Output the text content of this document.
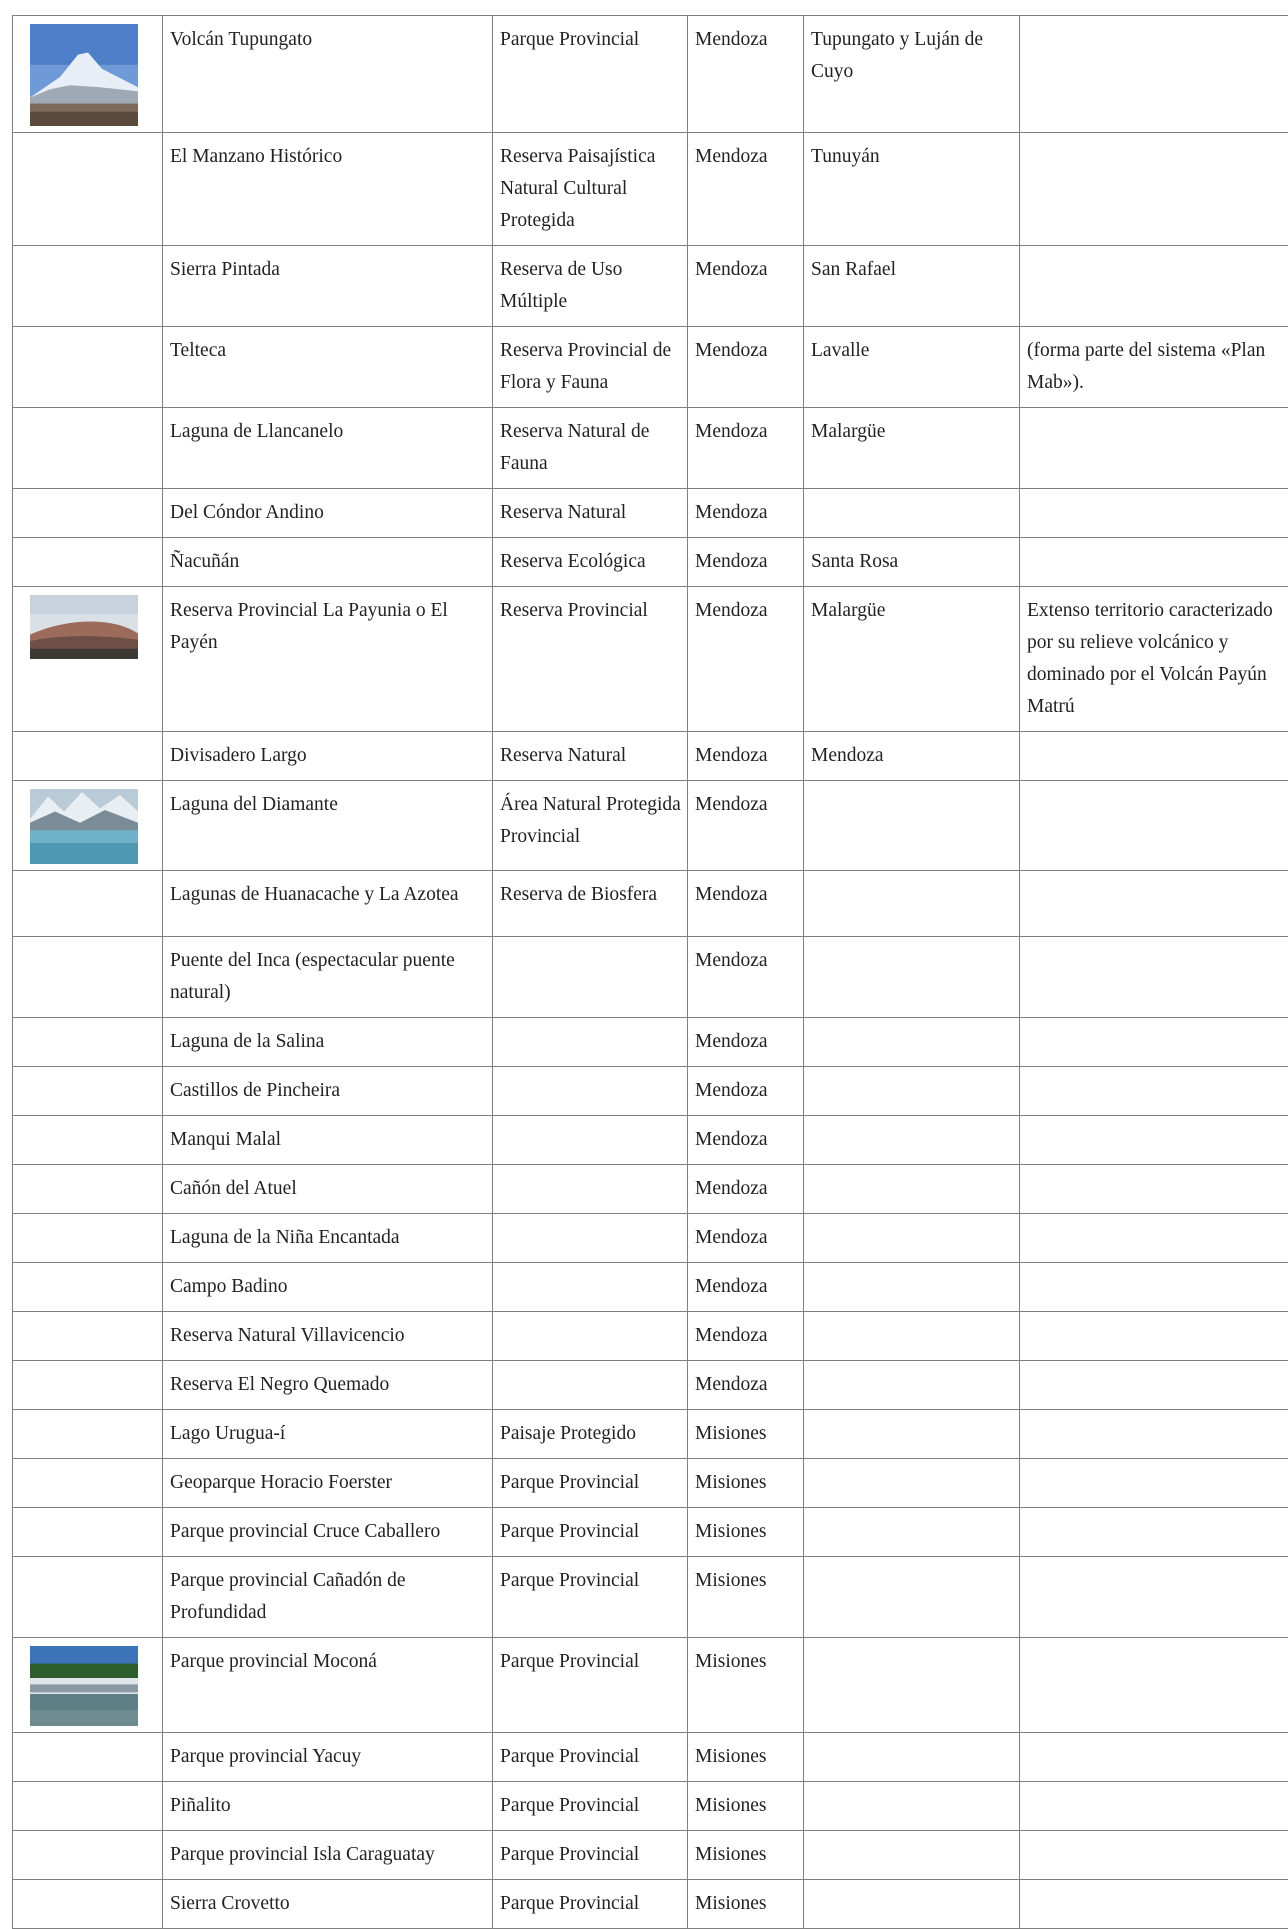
	Volcán Tupungato	Parque Provincial	Mendoza	Tupungato y Luján de Cuyo	
	El Manzano Histórico	Reserva Paisajística Natural Cultural Protegida	Mendoza	Tunuyán	
	Sierra Pintada	Reserva de Uso Múltiple	Mendoza	San Rafael	
	Telteca	Reserva Provincial de Flora y Fauna	Mendoza	Lavalle	(forma parte del sistema «Plan Mab»).
	Laguna de Llancanelo	Reserva Natural de Fauna	Mendoza	Malargüe	
	Del Cóndor Andino	Reserva Natural	Mendoza		
	Ñacuñán	Reserva Ecológica	Mendoza	Santa Rosa	

	Reserva Provincial La Payunia o El Payén	Reserva Provincial	Mendoza	Malargüe	Extenso territorio caracterizado por su relieve volcánico y dominado por el Volcán Payún Matrú
	Divisadero Largo	Reserva Natural	Mendoza	Mendoza	

	Laguna del Diamante	Área Natural Protegida Provincial	Mendoza		
	Lagunas de Huanacache y La Azotea	Reserva de Biosfera	Mendoza		
	Puente del Inca (espectacular puente natural)		Mendoza		
	Laguna de la Salina		Mendoza		
	Castillos de Pincheira		Mendoza		
	Manqui Malal		Mendoza		
	Cañón del Atuel		Mendoza		
	Laguna de la Niña Encantada		Mendoza		
	Campo Badino		Mendoza		
	Reserva Natural Villavicencio		Mendoza		
	Reserva El Negro Quemado		Mendoza		
	Lago Urugua-í	Paisaje Protegido	Misiones		
	Geoparque Horacio Foerster	Parque Provincial	Misiones		
	Parque provincial Cruce Caballero	Parque Provincial	Misiones		
	Parque provincial Cañadón de Profundidad	Parque Provincial	Misiones		

	Parque provincial Moconá	Parque Provincial	Misiones		
	Parque provincial Yacuy	Parque Provincial	Misiones		
	Piñalito	Parque Provincial	Misiones		
	Parque provincial Isla Caraguatay	Parque Provincial	Misiones		
	Sierra Crovetto	Parque Provincial	Misiones		
